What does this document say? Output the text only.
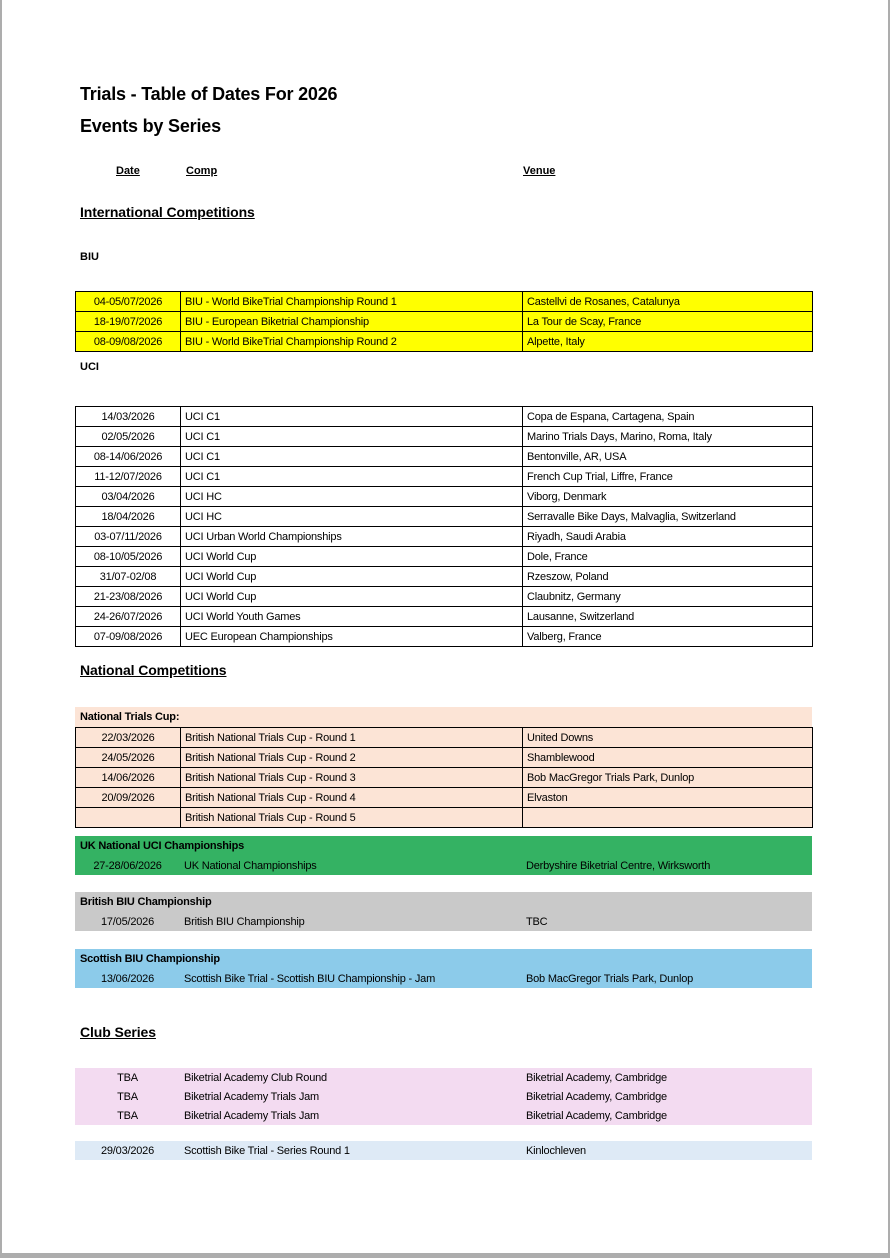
Trials - Table of Dates For 2026
Events by Series
Date	Comp	Venue
International Competitions
BIU
04-05/07/2026	BIU - World BikeTrial Championship Round 1	Castellvi de Rosanes, Catalunya
18-19/07/2026	BIU - European Biketrial Championship	La Tour de Scay, France
08-09/08/2026	BIU - World BikeTrial Championship Round 2	Alpette, Italy
UCI
14/03/2026	UCI C1	Copa de Espana, Cartagena, Spain
02/05/2026	UCI C1	Marino Trials Days, Marino, Roma, Italy
08-14/06/2026	UCI C1	Bentonville, AR, USA
11-12/07/2026	UCI C1	French Cup Trial, Liffre, France
03/04/2026	UCI HC	Viborg, Denmark
18/04/2026	UCI HC	Serravalle Bike Days, Malvaglia, Switzerland
03-07/11/2026	UCI Urban World Championships	Riyadh, Saudi Arabia
08-10/05/2026	UCI World Cup	Dole, France
31/07-02/08	UCI World Cup	Rzeszow, Poland
21-23/08/2026	UCI World Cup	Claubnitz, Germany
24-26/07/2026	UCI World Youth Games	Lausanne, Switzerland
07-09/08/2026	UEC European Championships	Valberg, France
National Competitions
National Trials Cup:
22/03/2026	British National Trials Cup - Round 1	United Downs
24/05/2026	British National Trials Cup - Round 2	Shamblewood
14/06/2026	British National Trials Cup - Round 3	Bob MacGregor Trials Park, Dunlop
20/09/2026	British National Trials Cup - Round 4	Elvaston
	British National Trials Cup - Round 5	
UK National UCI Championships
27-28/06/2026	UK National Championships	Derbyshire Biketrial Centre, Wirksworth
British BIU Championship
17/05/2026	British BIU Championship	TBC
Scottish BIU Championship
13/06/2026	Scottish Bike Trial - Scottish BIU Championship - Jam	Bob MacGregor Trials Park, Dunlop
Club Series
TBA	Biketrial Academy Club Round	Biketrial Academy, Cambridge
TBA	Biketrial Academy Trials Jam	Biketrial Academy, Cambridge
TBA	Biketrial Academy Trials Jam	Biketrial Academy, Cambridge
29/03/2026	Scottish Bike Trial - Series Round 1	Kinlochleven
